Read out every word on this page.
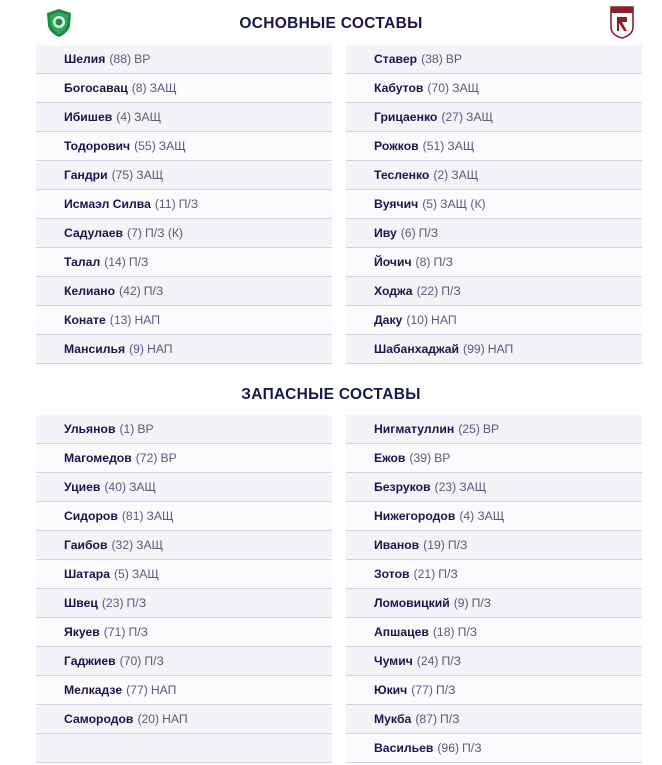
ОСНОВНЫЕ СОСТАВЫ
Шелия (88) ВР
Богосавац (8) ЗАЩ
Ибишев (4) ЗАЩ
Тодорович (55) ЗАЩ
Гандри (75) ЗАЩ
Исмаэл Силва (11) П/З
Садулаев (7) П/З (К)
Талал (14) П/З
Келиано (42) П/З
Конате (13) НАП
Мансилья (9) НАП
Ставер (38) ВР
Кабутов (70) ЗАЩ
Грицаенко (27) ЗАЩ
Рожков (51) ЗАЩ
Тесленко (2) ЗАЩ
Вуячич (5) ЗАЩ (К)
Иву (6) П/З
Йочич (8) П/З
Ходжа (22) П/З
Даку (10) НАП
Шабанхаджай (99) НАП
ЗАПАСНЫЕ СОСТАВЫ
Ульянов (1) ВР
Магомедов (72) ВР
Уциев (40) ЗАЩ
Сидоров (81) ЗАЩ
Гаибов (32) ЗАЩ
Шатара (5) ЗАЩ
Швец (23) П/З
Якуев (71) П/З
Гаджиев (70) П/З
Мелкадзе (77) НАП
Самородов (20) НАП
Нигматуллин (25) ВР
Ежов (39) ВР
Безруков (23) ЗАЩ
Нижегородов (4) ЗАЩ
Иванов (19) П/З
Зотов (21) П/З
Ломовицкий (9) П/З
Апшацев (18) П/З
Чумич (24) П/З
Юкич (77) П/З
Мукба (87) П/З
Васильев (96) П/З
